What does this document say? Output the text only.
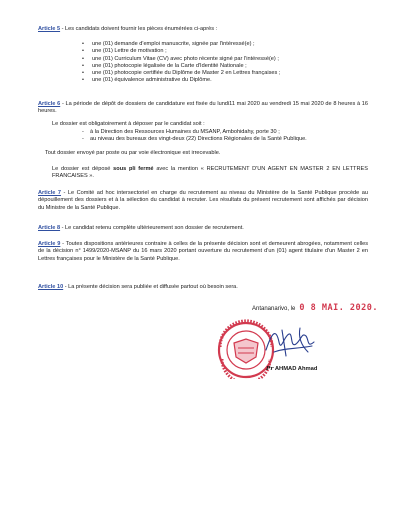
Article 5 - Les candidats doivent fournir les pièces énumérées ci-après :
• une (01) demande d'emploi manuscrite, signée par l'intéressé(e) ;
• une (01) Lettre de motivation ;
• une (01) Curriculum Vitae (CV) avec photo récente signé par l'intéressé(e) ;
• une (01) photocopie légalisée de la Carte d'Identité Nationale ;
• une (01) photocopie certifiée du Diplôme de Master 2 en Lettres françaises ;
• une (01) équivalence administrative du Diplôme.
Article 6 - La période de dépôt de dossiers de candidature est fixée du lundi11 mai 2020 au vendredi 15 mai 2020 de 8 heures à 16 heures.
Le dossier est obligatoirement à déposer par le candidat soit :
- à la Direction des Ressources Humaines du MSANP, Ambohidahy, porte 30 ;
- au niveau des bureaux des vingt-deux (22) Directions Régionales de la Santé Publique.
Tout dossier envoyé par poste ou par voie électronique est irrecevable.
Le dossier est déposé sous pli fermé avec la mention « RECRUTEMENT D'UN AGENT EN MASTER 2 EN LETTRES FRANCAISES ».
Article 7 - Le Comité ad hoc intersectoriel en charge du recrutement au niveau du Ministère de la Santé Publique procède au dépouillement des dossiers et à la sélection du candidat à recruter. Les résultats du présent recrutement sont affichés par décision du Ministre de la Santé Publique.
Article 8 - Le candidat retenu complète ultérieurement son dossier de recrutement.
Article 9 - Toutes dispositions antérieures contraire à celles de la présente décision sont et demeurent abrogées, notamment celles de la décision n° 1499/2020-MSANP du 16 mars 2020 portant ouverture du recrutement d'un (01) agent titulaire d'un Master 2 en Lettres françaises pour le Ministère de la Santé Publique.
Article 10 - La présente décision sera publiée et diffusée partout où besoin sera.
Antananarivo, le 0 8 MAI. 2020.
Pr AHMAD Ahmad
